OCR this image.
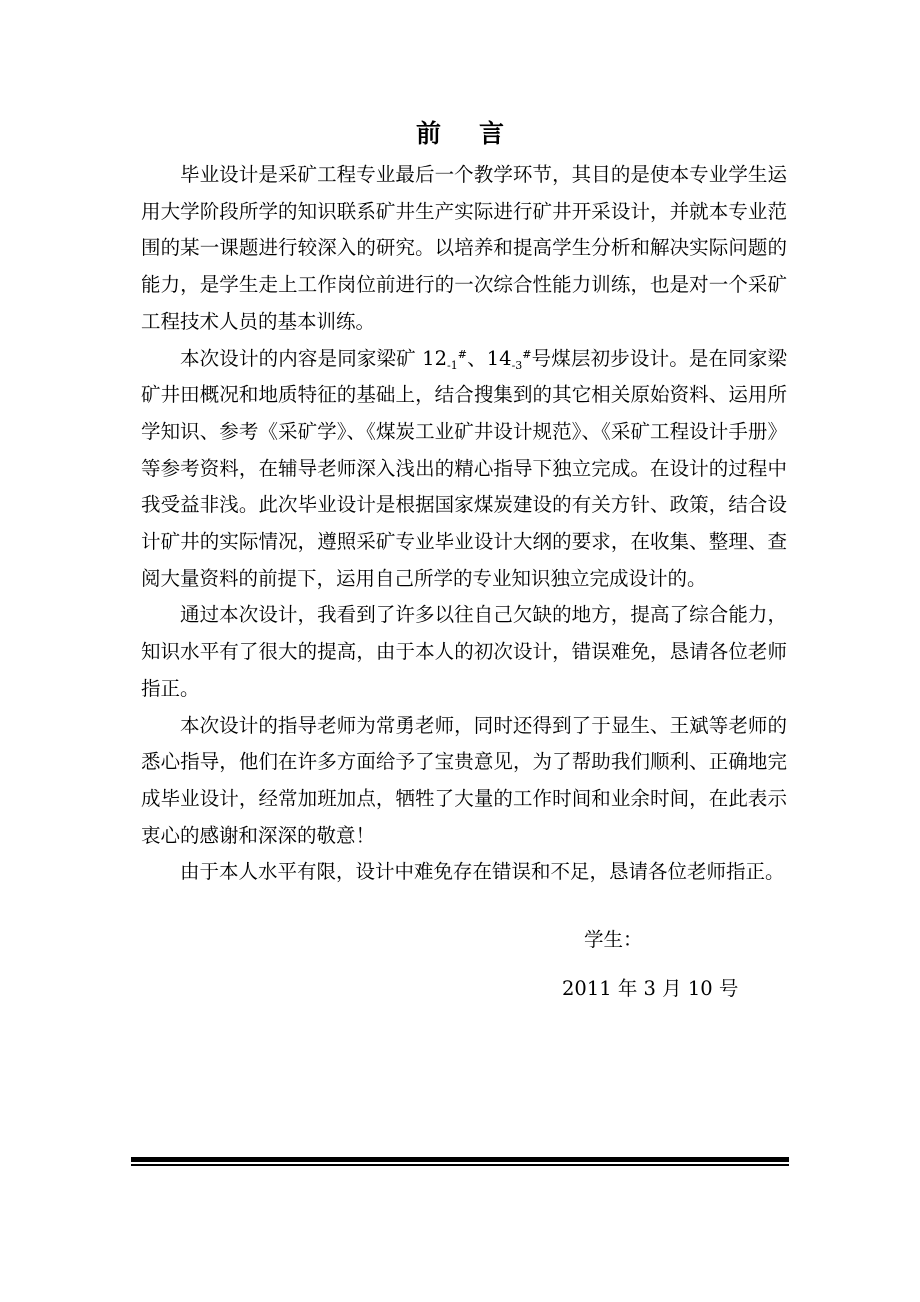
前言

毕业设计是采矿工程专业最后一个教学环节，其目的是使本专业学生运用大学阶段所学的知识联系矿井生产实际进行矿井开采设计，并就本专业范围的某一课题进行较深入的研究。以培养和提高学生分析和解决实际问题的能力，是学生走上工作岗位前进行的一次综合性能力训练，也是对一个采矿工程技术人员的基本训练。

本次设计的内容是同家梁矿 $12_{-1}^{\#}$、$14_{-3}^{\#}$号煤层初步设计。是在同家梁矿井田概况和地质特征的基础上，结合搜集到的其它相关原始资料、运用所学知识、参考《采矿学》、《煤炭工业矿井设计规范》、《采矿工程设计手册》等参考资料，在辅导老师深入浅出的精心指导下独立完成。在设计的过程中我受益非浅。此次毕业设计是根据国家煤炭建设的有关方针、政策，结合设计矿井的实际情况，遵照采矿专业毕业设计大纲的要求，在收集、整理、查阅大量资料的前提下，运用自己所学的专业知识独立完成设计的。

通过本次设计，我看到了许多以往自己欠缺的地方，提高了综合能力，知识水平有了很大的提高，由于本人的初次设计，错误难免，恳请各位老师指正。

本次设计的指导老师为常勇老师，同时还得到了于显生、王斌等老师的悉心指导，他们在许多方面给予了宝贵意见，为了帮助我们顺利、正确地完成毕业设计，经常加班加点，牺牲了大量的工作时间和业余时间，在此表示衷心的感谢和深深的敬意！

由于本人水平有限，设计中难免存在错误和不足，恳请各位老师指正。

学生：
2011 年 3 月 10 号
